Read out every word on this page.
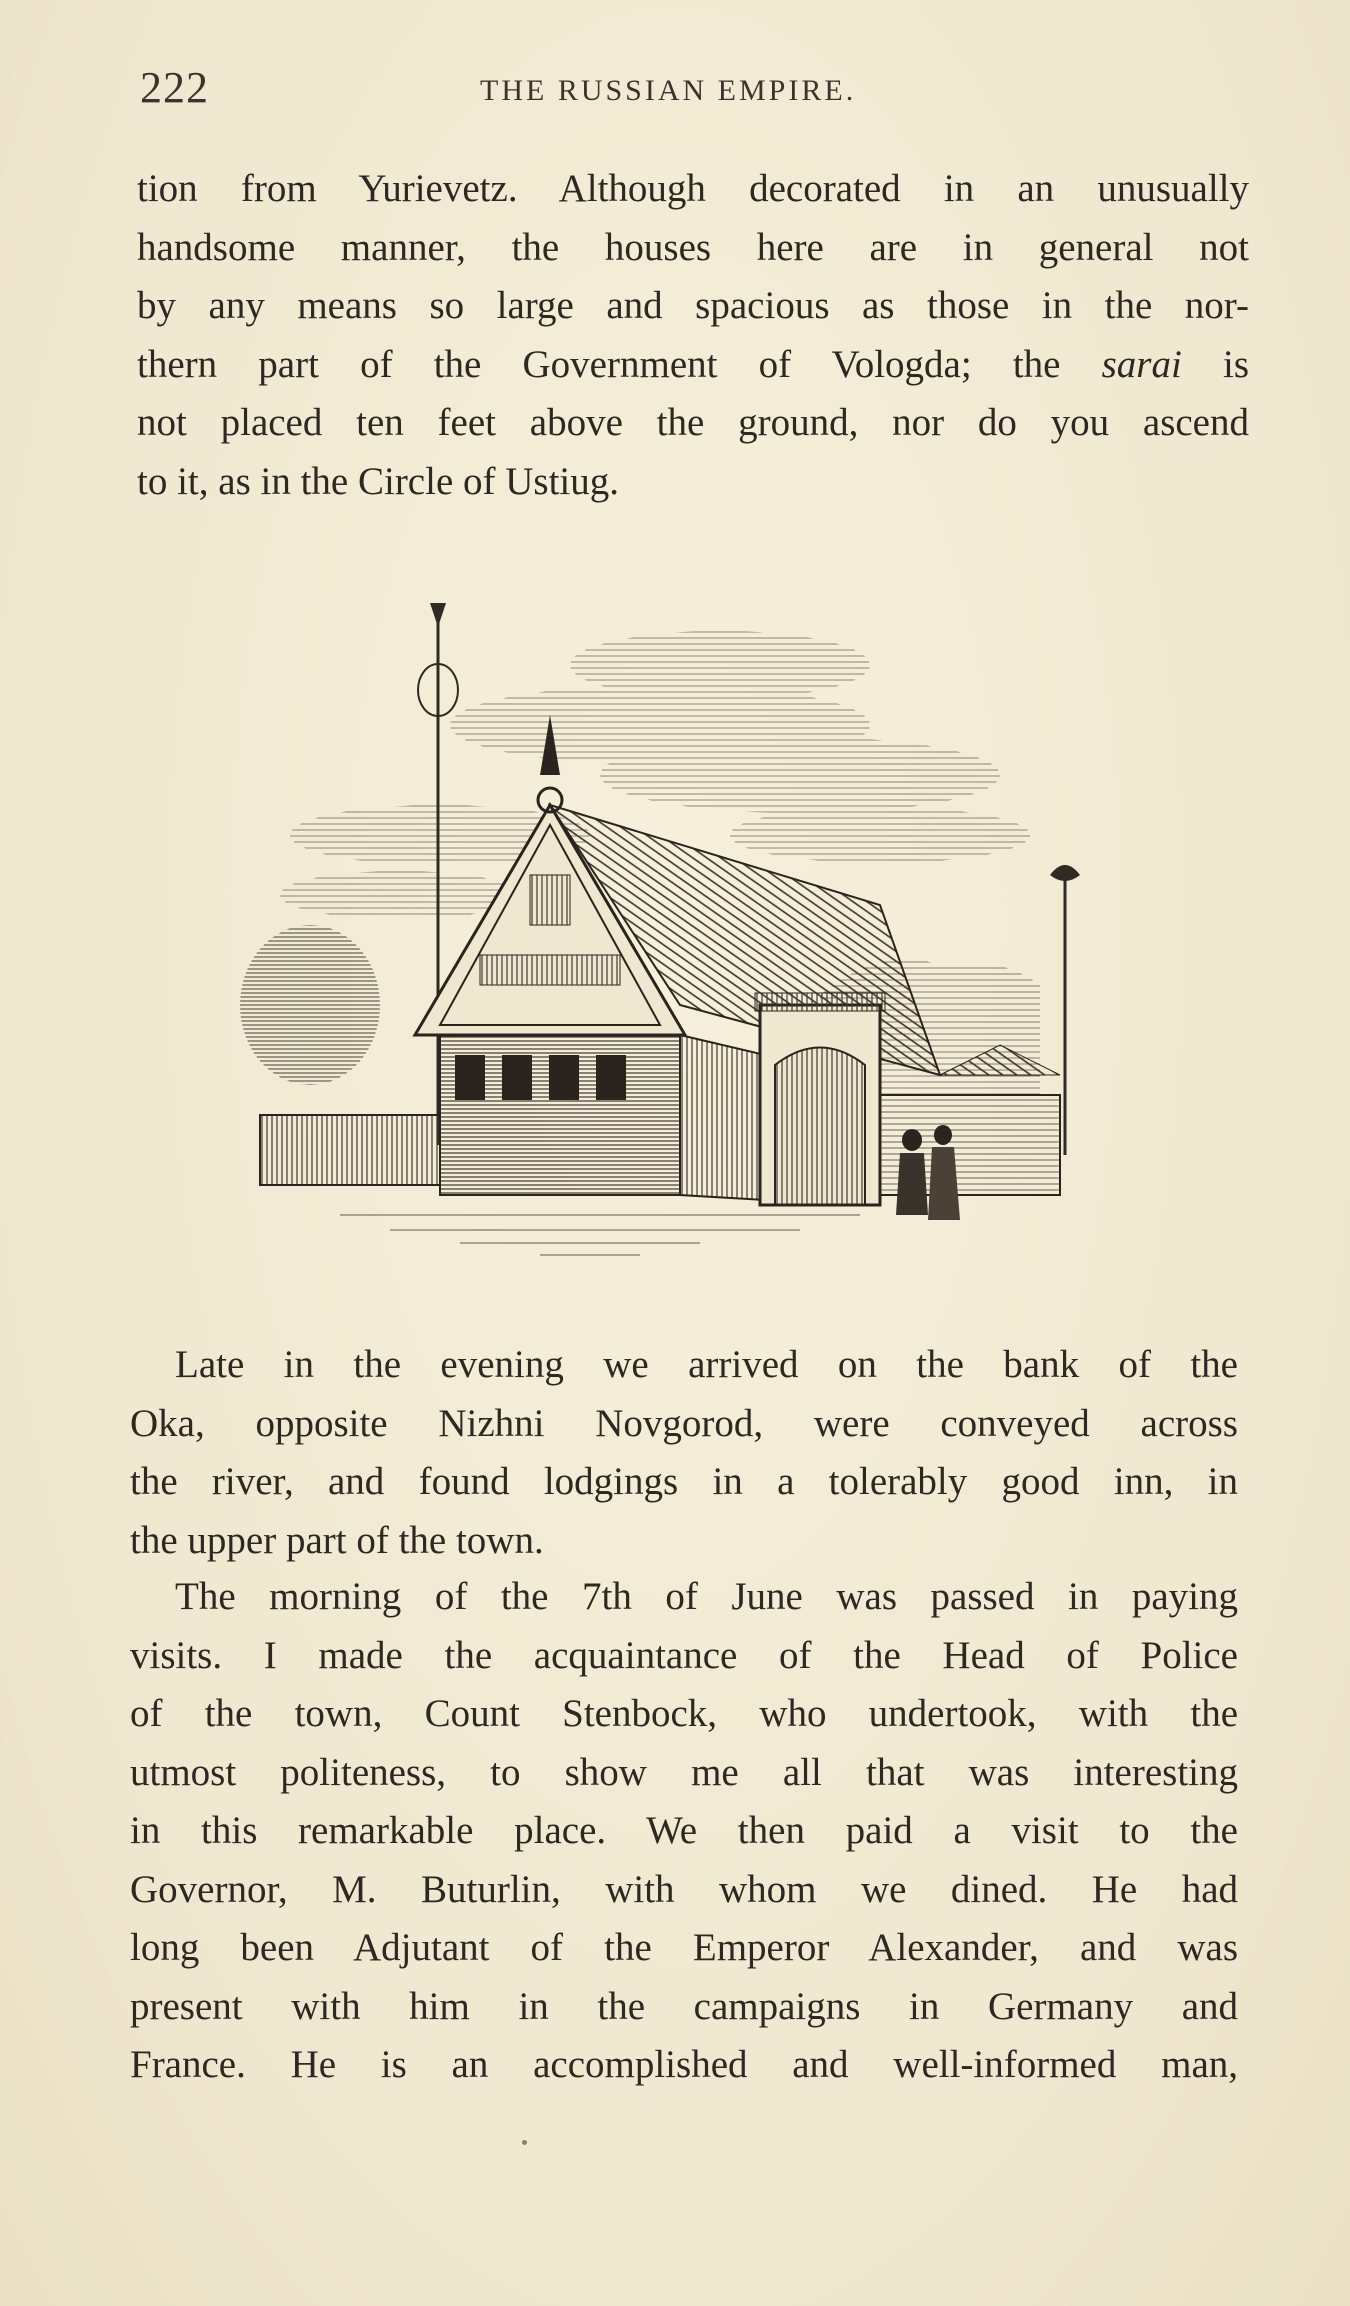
222	THE RUSSIAN EMPIRE.
tion from Yurievetz. Although decorated in an unusually
handsome manner, the houses here are in general not
by any means so large and spacious as those in the nor-
thern part of the Government of Vologda; the sarai is
not placed ten feet above the ground, nor do you ascend
to it, as in the Circle of Ustiug.
Late in the evening we arrived on the bank of the
Oka, opposite Nizhni Novgorod, were conveyed across
the river, and found lodgings in a tolerably good inn, in
the upper part of the town.
The morning of the 7th of June was passed in paying
visits. I made the acquaintance of the Head of Police
of the town, Count Stenbock, who undertook, with the
utmost politeness, to show me all that was interesting
in this remarkable place. We then paid a visit to the
Governor, M. Buturlin, with whom we dined. He had
long been Adjutant of the Emperor Alexander, and was
present with him in the campaigns in Germany and
France. He is an accomplished and well-informed man,
